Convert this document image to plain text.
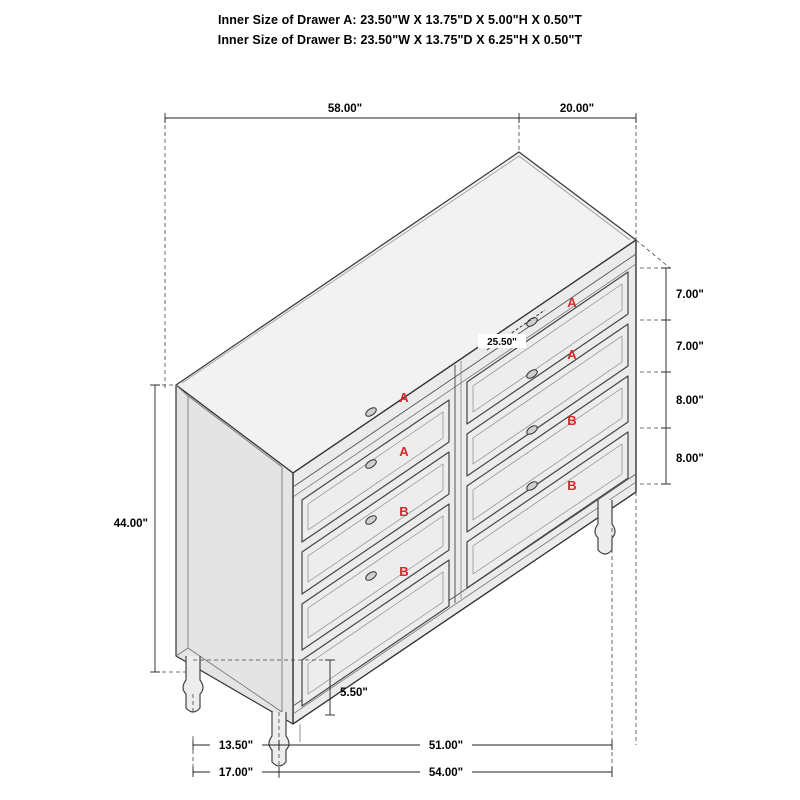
Inner Size of Drawer A: 23.50"W X 13.75"D X 5.00"H X 0.50"T
Inner Size of Drawer B: 23.50"W X 13.75"D X 6.25"H X 0.50"T
58.00"	20.00"
7.00"
7.00"
8.00"
8.00"
44.00"
5.50"
13.50"	51.00"
17.00"	54.00"
25.50"
A
A
B
B
A
A
B
B
